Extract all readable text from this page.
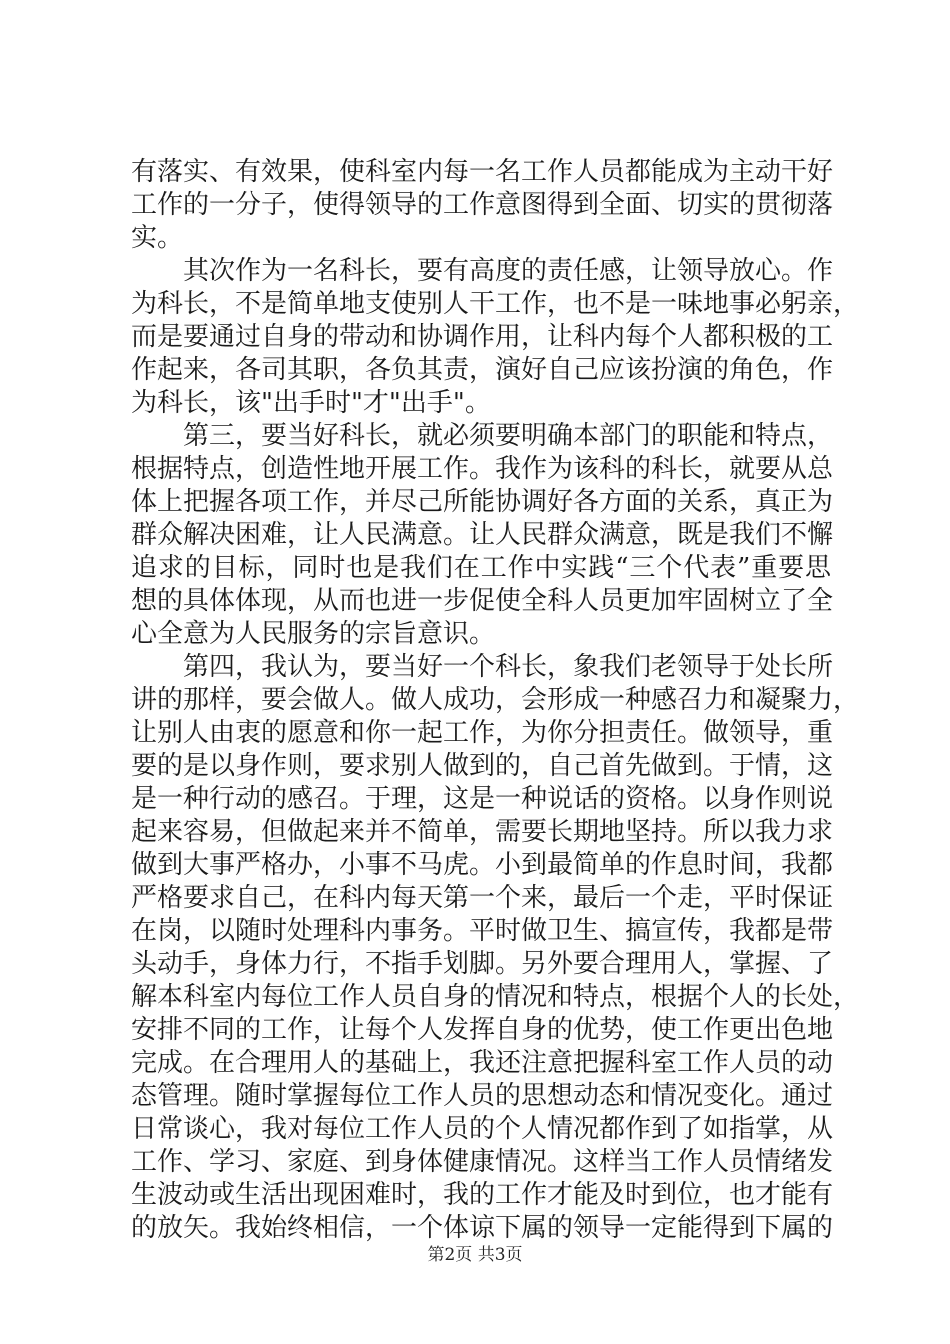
有落实、有效果，使科室内每一名工作人员都能成为主动干好
工作的一分子，使得领导的工作意图得到全面、切实的贯彻落
实。
其次作为一名科长，要有高度的责任感，让领导放心。作
为科长，不是简单地支使别人干工作，也不是一味地事必躬亲，
而是要通过自身的带动和协调作用，让科内每个人都积极的工
作起来，各司其职，各负其责，演好自己应该扮演的角色，作
为科长，该"出手时"才"出手"。
第三，要当好科长，就必须要明确本部门的职能和特点，
根据特点，创造性地开展工作。我作为该科的科长，就要从总
体上把握各项工作，并尽己所能协调好各方面的关系，真正为
群众解决困难，让人民满意。让人民群众满意，既是我们不懈
追求的目标，同时也是我们在工作中实践“三个代表”重要思
想的具体体现，从而也进一步促使全科人员更加牢固树立了全
心全意为人民服务的宗旨意识。
第四，我认为，要当好一个科长，象我们老领导于处长所
讲的那样，要会做人。做人成功，会形成一种感召力和凝聚力，
让别人由衷的愿意和你一起工作，为你分担责任。做领导，重
要的是以身作则，要求别人做到的，自己首先做到。于情，这
是一种行动的感召。于理，这是一种说话的资格。以身作则说
起来容易，但做起来并不简单，需要长期地坚持。所以我力求
做到大事严格办，小事不马虎。小到最简单的作息时间，我都
严格要求自己，在科内每天第一个来，最后一个走，平时保证
在岗，以随时处理科内事务。平时做卫生、搞宣传，我都是带
头动手，身体力行，不指手划脚。另外要合理用人，掌握、了
解本科室内每位工作人员自身的情况和特点，根据个人的长处，
安排不同的工作，让每个人发挥自身的优势，使工作更出色地
完成。在合理用人的基础上，我还注意把握科室工作人员的动
态管理。随时掌握每位工作人员的思想动态和情况变化。通过
日常谈心，我对每位工作人员的个人情况都作到了如指掌，从
工作、学习、家庭、到身体健康情况。这样当工作人员情绪发
生波动或生活出现困难时，我的工作才能及时到位，也才能有
的放矢。我始终相信，一个体谅下属的领导一定能得到下属的
第2页 共3页
